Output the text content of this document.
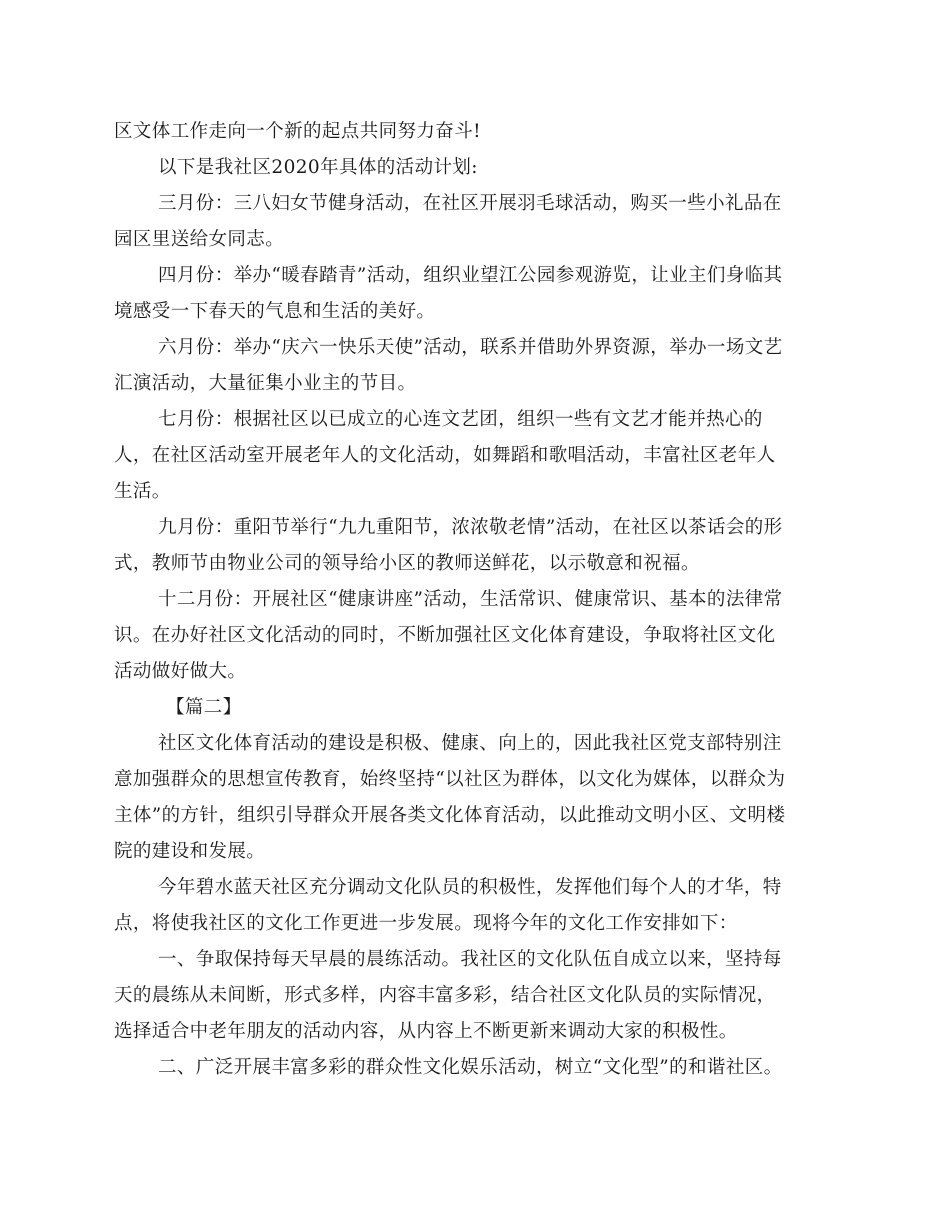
区文体工作走向一个新的起点共同努力奋斗!
以下是我社区2020年具体的活动计划:
三月份：三八妇女节健身活动，在社区开展羽毛球活动，购买一些小礼品在
园区里送给女同志。
四月份：举办“暖春踏青”活动，组织业望江公园参观游览，让业主们身临其
境感受一下春天的气息和生活的美好。
六月份：举办“庆六一快乐天使”活动，联系并借助外界资源，举办一场文艺
汇演活动，大量征集小业主的节目。
七月份：根据社区以已成立的心连文艺团，组织一些有文艺才能并热心的
人，在社区活动室开展老年人的文化活动，如舞蹈和歌唱活动，丰富社区老年人
生活。
九月份：重阳节举行“九九重阳节，浓浓敬老情”活动，在社区以茶话会的形
式，教师节由物业公司的领导给小区的教师送鲜花，以示敬意和祝福。
十二月份：开展社区“健康讲座”活动，生活常识、健康常识、基本的法律常
识。在办好社区文化活动的同时，不断加强社区文化体育建设，争取将社区文化
活动做好做大。
【篇二】
社区文化体育活动的建设是积极、健康、向上的，因此我社区党支部特别注
意加强群众的思想宣传教育，始终坚持“以社区为群体，以文化为媒体，以群众为
主体”的方针，组织引导群众开展各类文化体育活动，以此推动文明小区、文明楼
院的建设和发展。
今年碧水蓝天社区充分调动文化队员的积极性，发挥他们每个人的才华，特
点，将使我社区的文化工作更进一步发展。现将今年的文化工作安排如下：
一、争取保持每天早晨的晨练活动。我社区的文化队伍自成立以来，坚持每
天的晨练从未间断，形式多样，内容丰富多彩，结合社区文化队员的实际情况，
选择适合中老年朋友的活动内容，从内容上不断更新来调动大家的积极性。
二、广泛开展丰富多彩的群众性文化娱乐活动，树立“文化型”的和谐社区。
